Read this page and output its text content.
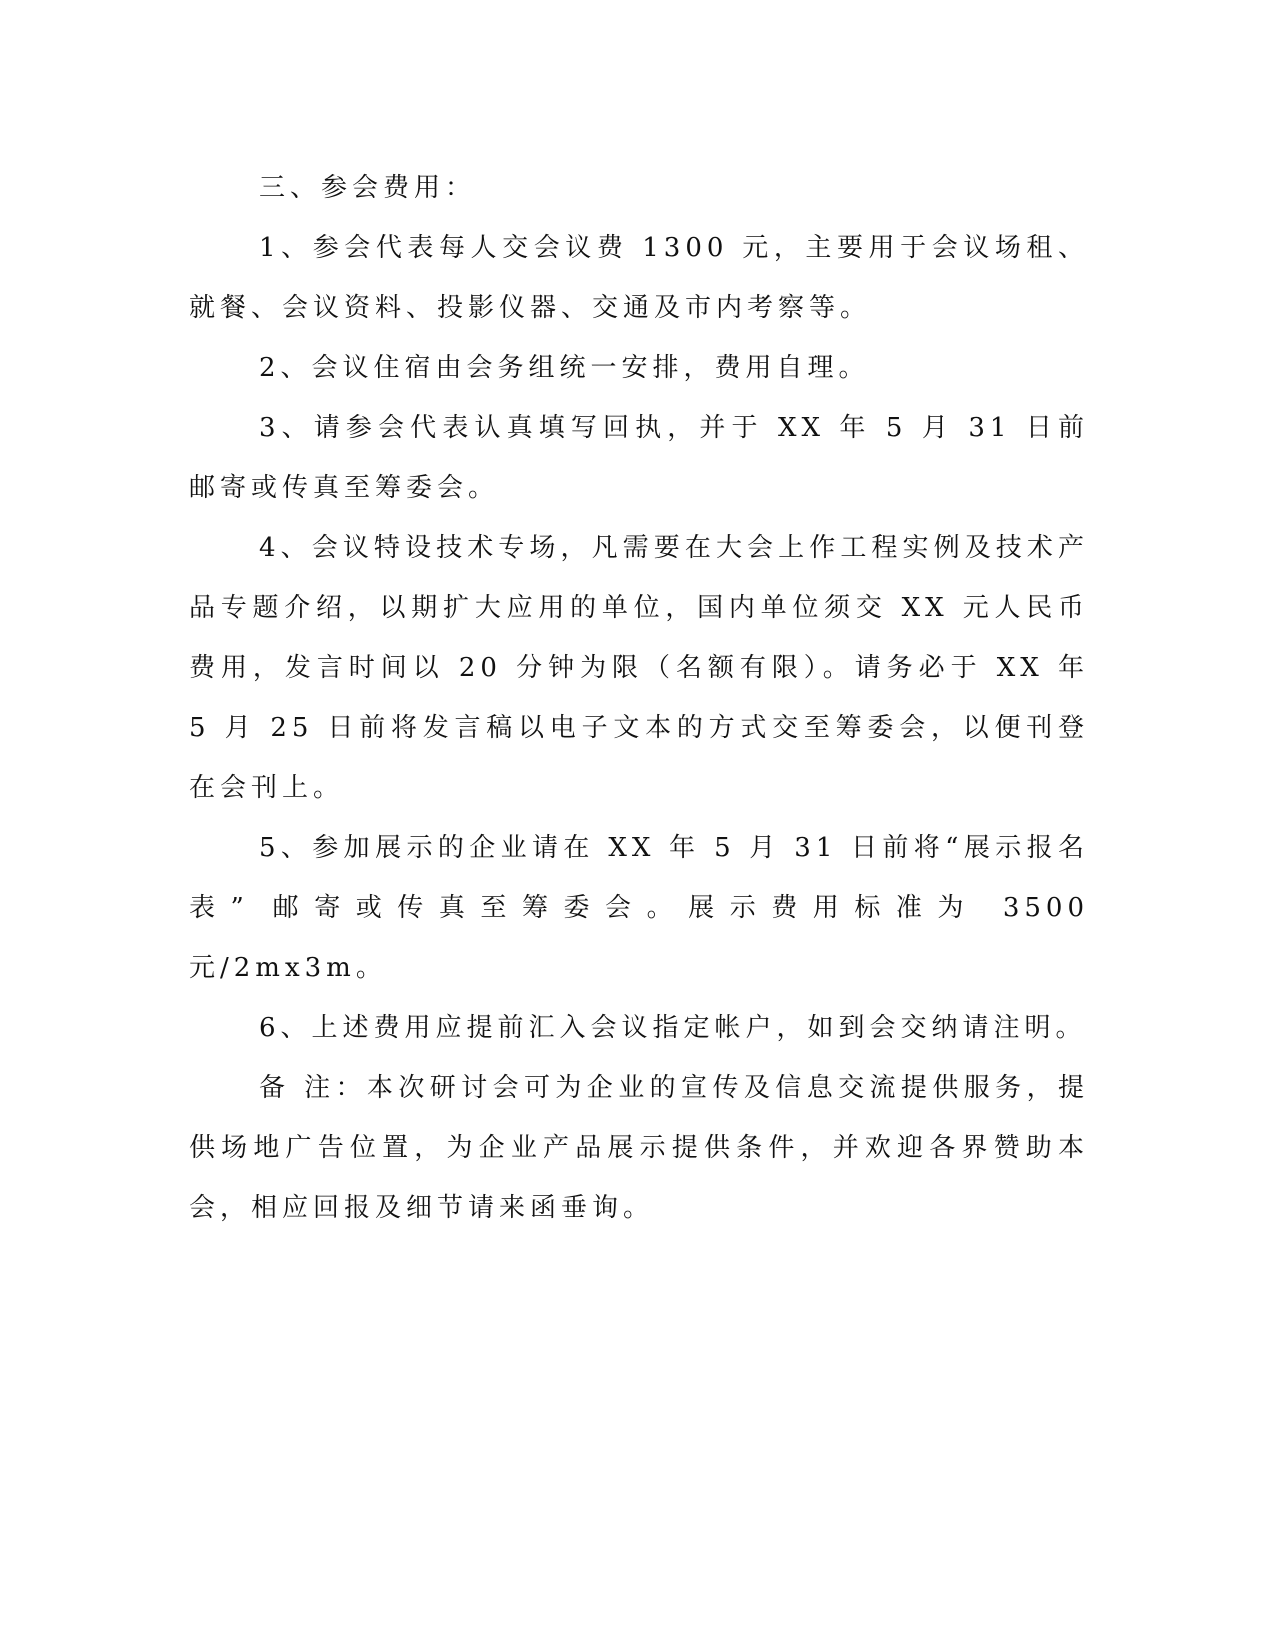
三、参会费用：

1、参会代表每人交会议费 1300 元，主要用于会议场租、就餐、会议资料、投影仪器、交通及市内考察等。

2、会议住宿由会务组统一安排，费用自理。

3、请参会代表认真填写回执，并于 XX 年 5 月 31 日前邮寄或传真至筹委会。

4、会议特设技术专场，凡需要在大会上作工程实例及技术产品专题介绍，以期扩大应用的单位，国内单位须交 XX 元人民币费用，发言时间以 20 分钟为限（名额有限）。请务必于 XX 年 5 月 25 日前将发言稿以电子文本的方式交至筹委会，以便刊登在会刊上。

5、参加展示的企业请在 XX 年 5 月 31 日前将“展示报名表” 邮寄或传真至筹委会。展示费用标准为 3500 元/2mx3m。

6、上述费用应提前汇入会议指定帐户，如到会交纳请注明。

备 注：本次研讨会可为企业的宣传及信息交流提供服务，提供场地广告位置，为企业产品展示提供条件，并欢迎各界赞助本会，相应回报及细节请来函垂询。
